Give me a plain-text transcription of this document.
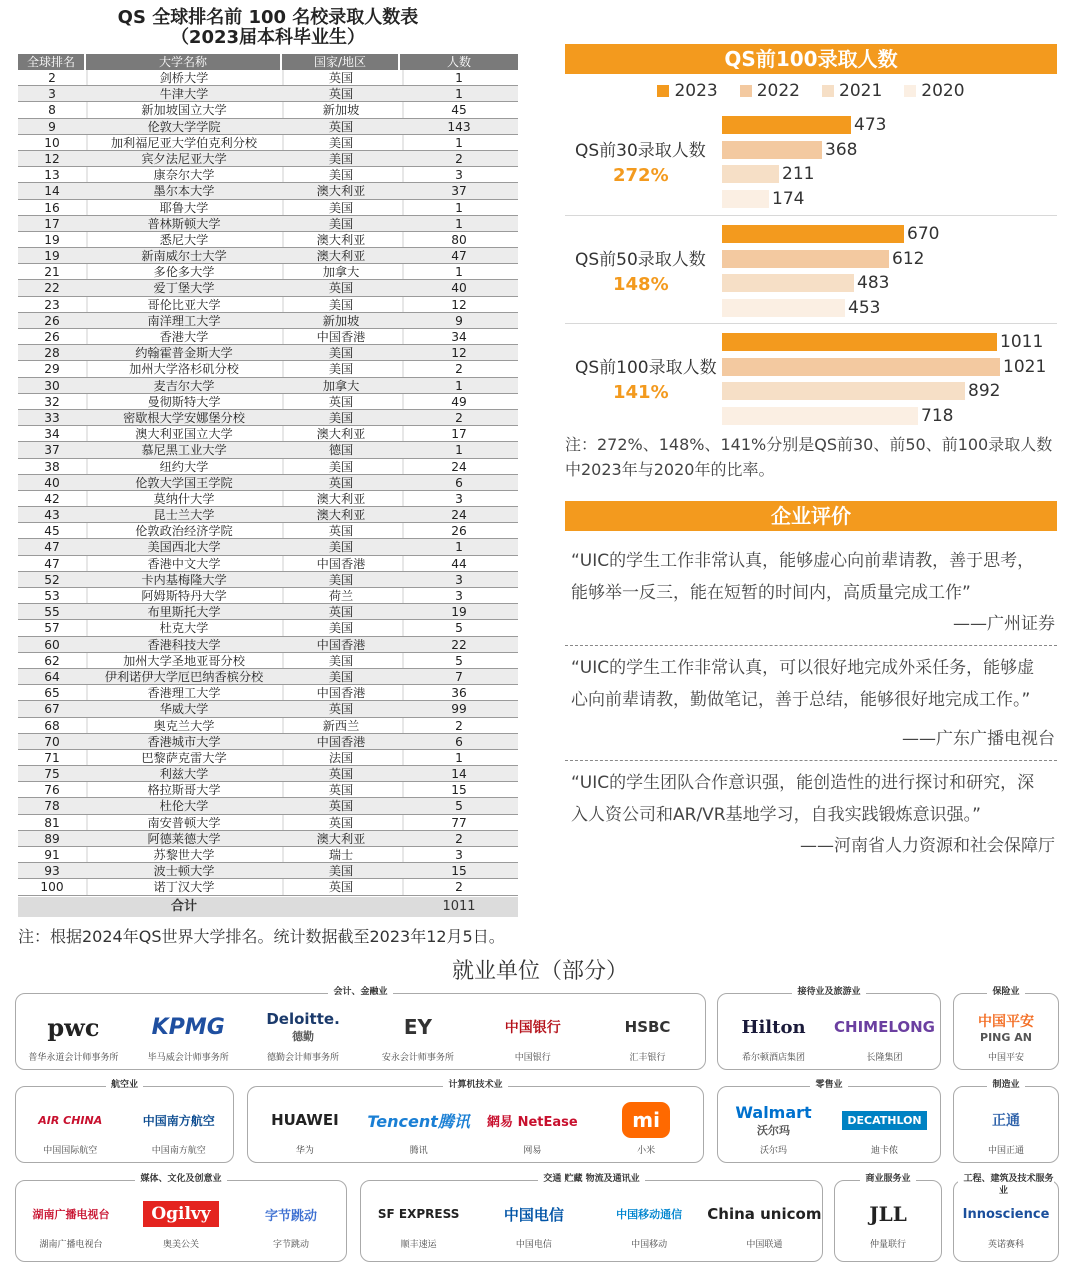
QS 全球排名前 100 名校录取人数表
（2023届本科毕业生）
全球排名	大学名称	国家/地区	人数
2	剑桥大学	英国	1
3	牛津大学	英国	1
8	新加坡国立大学	新加坡	45
9	伦敦大学学院	英国	143
10	加利福尼亚大学伯克利分校	美国	1
12	宾夕法尼亚大学	美国	2
13	康奈尔大学	美国	3
14	墨尔本大学	澳大利亚	37
16	耶鲁大学	美国	1
17	普林斯顿大学	美国	1
19	悉尼大学	澳大利亚	80
19	新南威尔士大学	澳大利亚	47
21	多伦多大学	加拿大	1
22	爱丁堡大学	英国	40
23	哥伦比亚大学	美国	12
26	南洋理工大学	新加坡	9
26	香港大学	中国香港	34
28	约翰霍普金斯大学	美国	12
29	加州大学洛杉矶分校	美国	2
30	麦吉尔大学	加拿大	1
32	曼彻斯特大学	英国	49
33	密歇根大学安娜堡分校	美国	2
34	澳大利亚国立大学	澳大利亚	17
37	慕尼黑工业大学	德国	1
38	纽约大学	美国	24
40	伦敦大学国王学院	英国	6
42	莫纳什大学	澳大利亚	3
43	昆士兰大学	澳大利亚	24
45	伦敦政治经济学院	英国	26
47	美国西北大学	美国	1
47	香港中文大学	中国香港	44
52	卡内基梅隆大学	美国	3
53	阿姆斯特丹大学	荷兰	3
55	布里斯托大学	英国	19
57	杜克大学	美国	5
60	香港科技大学	中国香港	22
62	加州大学圣地亚哥分校	美国	5
64	伊利诺伊大学厄巴纳香槟分校	美国	7
65	香港理工大学	中国香港	36
67	华威大学	英国	99
68	奥克兰大学	新西兰	2
70	香港城市大学	中国香港	6
71	巴黎萨克雷大学	法国	1
75	利兹大学	英国	14
76	格拉斯哥大学	英国	15
78	杜伦大学	英国	5
81	南安普顿大学	英国	77
89	阿德莱德大学	澳大利亚	2
91	苏黎世大学	瑞士	3
93	波士顿大学	美国	15
100	诺丁汉大学	英国	2
合计	1011
注：根据2024年QS世界大学排名。统计数据截至2023年12月5日。
QS前100录取人数
2023	2022	2021	2020
QS前30录取人数
272%
473
368
211
174
QS前50录取人数
148%
670
612
483
453
QS前100录取人数
141%
1011
1021
892
718
注：272%、148%、141%分别是QS前30、前50、前100录取人数中2023年与2020年的比率。
企业评价
“UIC的学生工作非常认真，能够虚心向前辈请教，善于思考，能够举一反三，能在短暂的时间内，高质量完成工作”
——广州证券
“UIC的学生工作非常认真，可以很好地完成外采任务，能够虚心向前辈请教，勤做笔记，善于总结，能够很好地完成工作。”
——广东广播电视台
“UIC的学生团队合作意识强，能创造性的进行探讨和研究，深入人资公司和AR/VR基地学习，自我实践锻炼意识强。”
——河南省人力资源和社会保障厅
就业单位（部分）
会计、金融业
pwc
普华永道会计师事务所
KPMG
毕马威会计师事务所
Deloitte.
德勤
德勤会计师事务所
EY
安永会计师事务所
中国银行
中国银行
HSBC
汇丰银行
接待业及旅游业
Hilton
希尔顿酒店集团
CHIMELONG
长隆集团
保险业
中国平安
PING AN
中国平安
航空业
AIR CHINA
中国国际航空
中国南方航空
中国南方航空
计算机技术业
HUAWEI
华为
Tencent腾讯
腾讯
網易 NetEase
网易
mi
小米
零售业
Walmart
沃尔玛
沃尔玛
DECATHLON
迪卡侬
制造业
正通
中国正通
媒体、文化及创意业
湖南广播电视台
湖南广播电视台
Ogilvy
奥美公关
字节跳动
字节跳动
交通 贮藏 物流及通讯业
SF EXPRESS
顺丰速运
中国电信
中国电信
中国移动通信
中国移动
China unicom
中国联通
商业服务业
JLL
仲量联行
工程、建筑及技术服务业
Innoscience
英诺赛科
